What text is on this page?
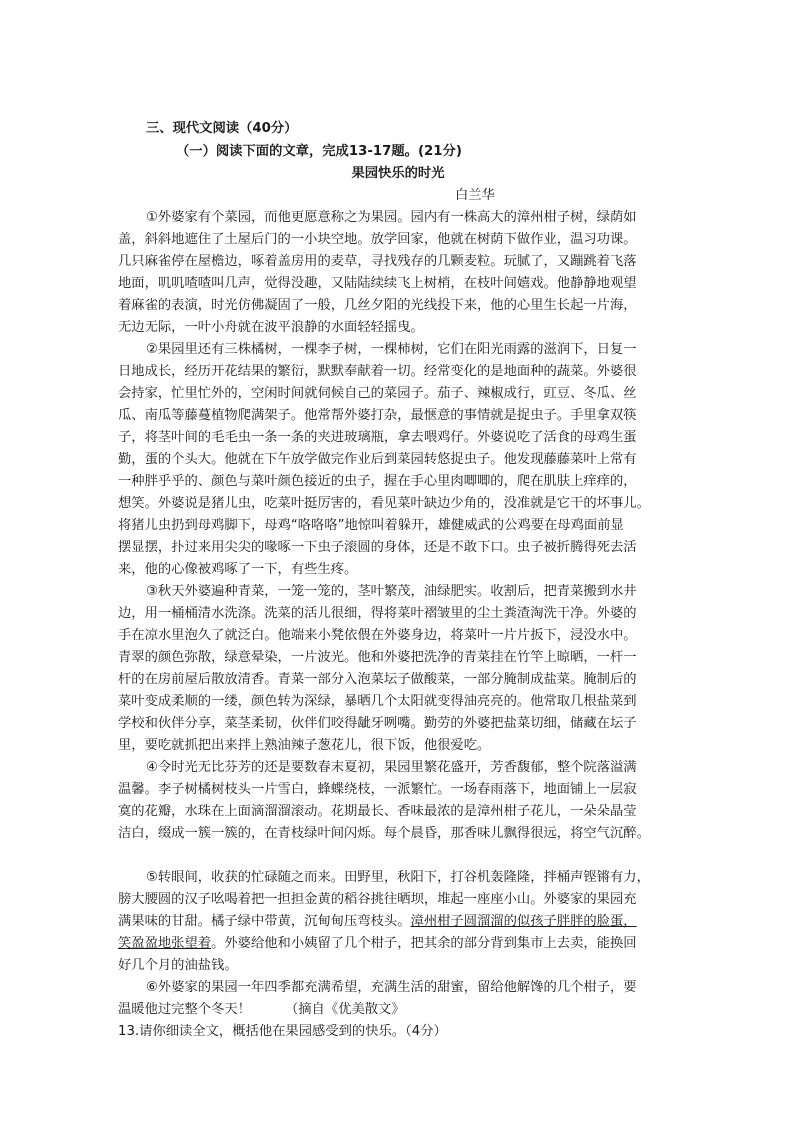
三、现代文阅读（40分）
（一）阅读下面的文章，完成13-17题。(21分)
果园快乐的时光
白兰华
①外婆家有个菜园，而他更愿意称之为果园。园内有一株高大的漳州柑子树，绿荫如
盖，斜斜地遮住了土屋后门的一小块空地。放学回家，他就在树荫下做作业，温习功课。
几只麻雀停在屋檐边，啄着盖房用的麦草，寻找残存的几颗麦粒。玩腻了，又蹦跳着飞落
地面，叽叽喳喳叫几声，觉得没趣，又陆陆续续飞上树梢，在枝叶间嬉戏。他静静地观望
着麻雀的表演，时光仿佛凝固了一般，几丝夕阳的光线投下来，他的心里生长起一片海，
无边无际，一叶小舟就在波平浪静的水面轻轻摇曳。
②果园里还有三株橘树，一棵李子树，一棵柿树，它们在阳光雨露的滋润下，日复一
日地成长，经历开花结果的繁衍，默默奉献着一切。经常变化的是地面种的蔬菜。外婆很
会持家，忙里忙外的，空闲时间就伺候自己的菜园子。茄子、辣椒成行，豇豆、冬瓜、丝
瓜、南瓜等藤蔓植物爬满架子。他常帮外婆打杂，最惬意的事情就是捉虫子。手里拿双筷
子，将茎叶间的毛毛虫一条一条的夹进玻璃瓶，拿去喂鸡仔。外婆说吃了活食的母鸡生蛋
勤，蛋的个头大。他就在下午放学做完作业后到菜园转悠捉虫子。他发现藤藤菜叶上常有
一种胖乎乎的、颜色与菜叶颜色接近的虫子，握在手心里肉唧唧的，爬在肌肤上痒痒的，
想笑。外婆说是猪儿虫，吃菜叶挺厉害的，看见菜叶缺边少角的，没准就是它干的坏事儿。
将猪儿虫扔到母鸡脚下，母鸡“咯咯咯”地惊叫着躲开，雄健威武的公鸡要在母鸡面前显
摆显摆，扑过来用尖尖的喙啄一下虫子滚圆的身体，还是不敢下口。虫子被折腾得死去活
来，他的心像被鸡啄了一下，有些生疼。
③秋天外婆遍种青菜，一笼一笼的，茎叶繁茂，油绿肥实。收割后，把青菜搬到水井
边，用一桶桶清水洗涤。洗菜的活儿很细，得将菜叶褶皱里的尘土粪渣淘洗干净。外婆的
手在凉水里泡久了就泛白。他端来小凳依偎在外婆身边，将菜叶一片片扳下，浸没水中。
青翠的颜色弥散，绿意晕染，一片波光。他和外婆把洗净的青菜挂在竹竿上晾晒，一杆一
杆的在房前屋后散放清香。青菜一部分入泡菜坛子做酸菜，一部分腌制成盐菜。腌制后的
菜叶变成柔顺的一缕，颜色转为深绿，暴晒几个太阳就变得油亮亮的。他常取几根盐菜到
学校和伙伴分享，菜茎柔韧，伙伴们咬得龇牙咧嘴。勤劳的外婆把盐菜切细，储藏在坛子
里，要吃就抓把出来拌上熟油辣子葱花儿，很下饭，他很爱吃。
④令时光无比芬芳的还是要数春末夏初，果园里繁花盛开，芳香馥郁，整个院落溢满
温馨。李子树橘树枝头一片雪白，蜂蝶绕枝，一派繁忙。一场春雨落下，地面铺上一层寂
寞的花瓣，水珠在上面滴溜溜滚动。花期最长、香味最浓的是漳州柑子花儿，一朵朵晶莹
洁白，缀成一簇一簇的，在青枝绿叶间闪烁。每个晨昏，那香味儿飘得很远，将空气沉醉。
⑤转眼间，收获的忙碌随之而来。田野里，秋阳下，打谷机轰隆隆，拌桶声铿锵有力，
膀大腰圆的汉子吆喝着把一担担金黄的稻谷挑往晒坝，堆起一座座小山。外婆家的果园充
满果味的甘甜。橘子绿中带黄，沉甸甸压弯枝头。漳州柑子圆溜溜的似孩子胖胖的脸蛋，
笑盈盈地张望着。外婆给他和小姨留了几个柑子，把其余的部分背到集市上去卖，能换回
好几个月的油盐钱。
⑥外婆家的果园一年四季都充满希望，充满生活的甜蜜，留给他解馋的几个柑子，要
温暖他过完整个冬天！	（摘自《优美散文》
13.请你细读全文，概括他在果园感受到的快乐。（4分）
